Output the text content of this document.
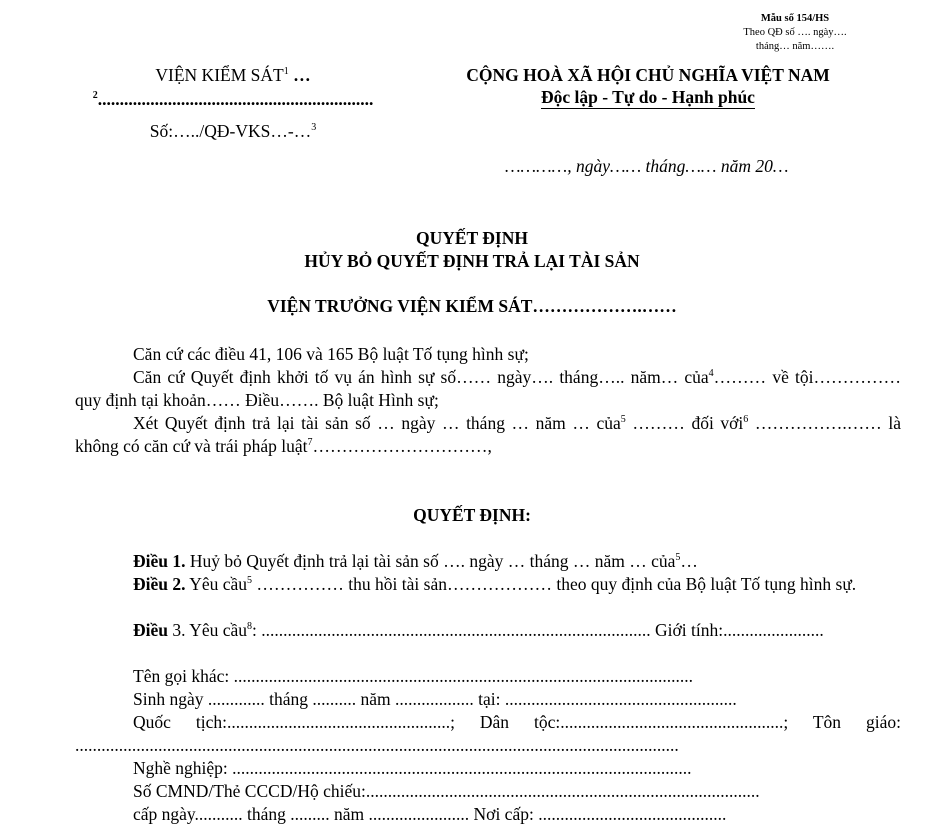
Mẫu số 154/HS
Theo QĐ số …. ngày….
tháng… năm…….
VIỆN KIỂM SÁT$^1$ …
$^2$...............................................................
Số:…../QĐ-VKS…-…$^3$
CỘNG HOÀ XÃ HỘI CHỦ NGHĨA VIỆT NAM
Độc lập - Tự do - Hạnh phúc
…………, ngày…… tháng…… năm 20…
QUYẾT ĐỊNH
HỦY BỎ QUYẾT ĐỊNH TRẢ LẠI TÀI SẢN
VIỆN TRƯỞNG VIỆN KIỂM SÁT……………….……
Căn cứ các điều 41, 106 và 165 Bộ luật Tố tụng hình sự;
Căn cứ Quyết định khởi tố vụ án hình sự số…… ngày…. tháng….. năm… của$^4$……… về tội…………… quy định tại khoản…… Điều……. Bộ luật Hình sự;
Xét Quyết định trả lại tài sản số … ngày … tháng … năm … của$^5$ ……… đối với$^6$ …………….…… là không có căn cứ và trái pháp luật$^7$…………………………,
QUYẾT ĐỊNH:
Điều 1. Huỷ bỏ Quyết định trả lại tài sản số …. ngày … tháng … năm … của$^5$…
Điều 2. Yêu cầu$^5$ …………… thu hồi tài sản……………… theo quy định của Bộ luật Tố tụng hình sự.
Điều 3. Yêu cầu$^8$: ......................................................................................... Giới tính:.......................
Tên gọi khác: .........................................................................................................
Sinh ngày ............. tháng .......... năm .................. tại: .....................................................
Quốc tịch:...................................................; Dân tộc:...................................................; Tôn giáo: ..........................................................................................................................................
Nghề nghiệp: .........................................................................................................
Số CMND/Thẻ CCCD/Hộ chiếu:..........................................................................................
cấp ngày........... tháng ......... năm ....................... Nơi cấp: ...........................................
